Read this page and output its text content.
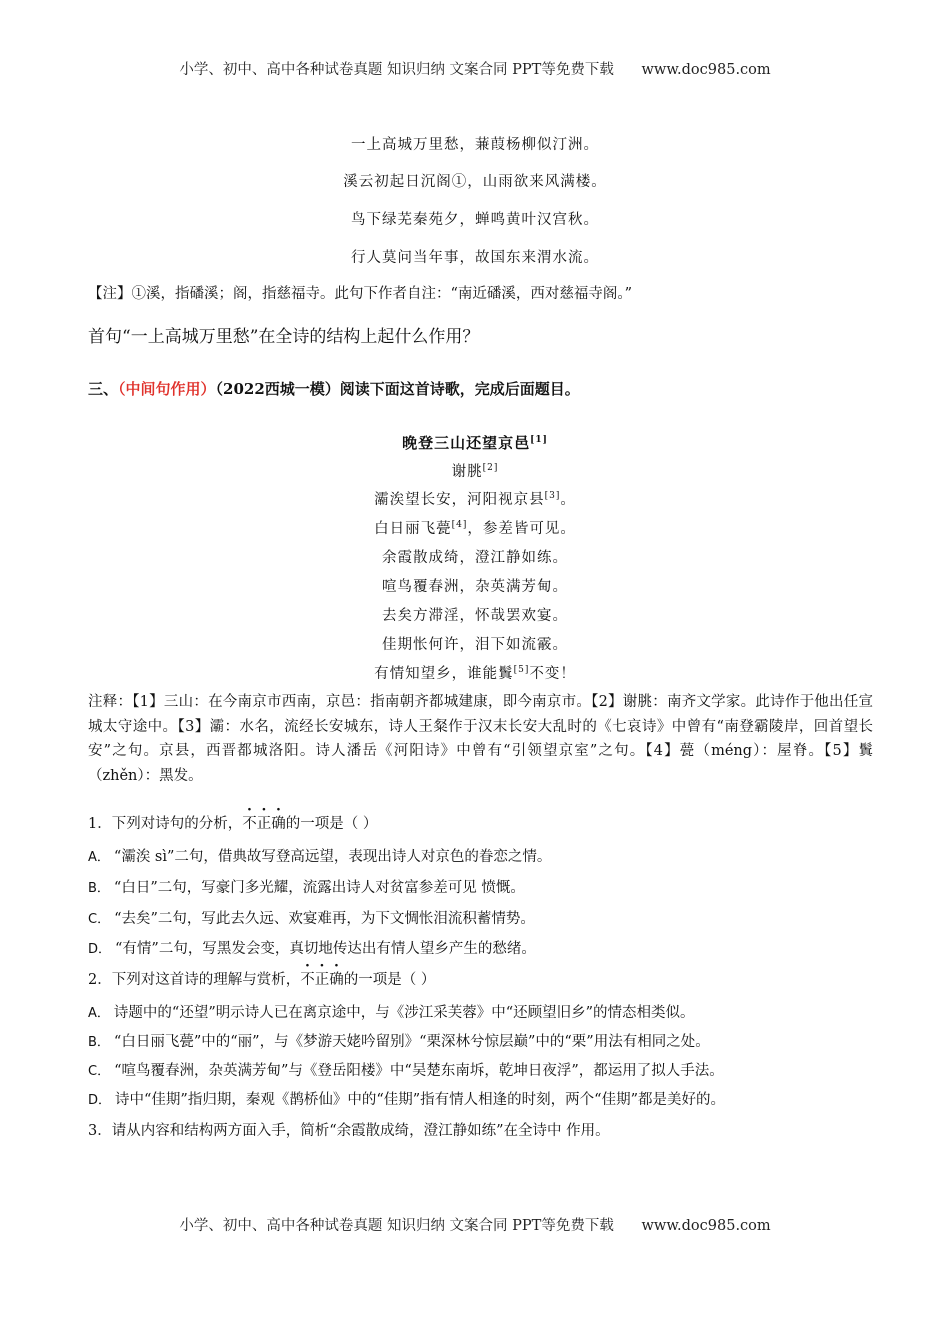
小学、初中、高中各种试卷真题 知识归纳 文案合同 PPT等免费下载      www.doc985.com
一上高城万里愁，蒹葭杨柳似汀洲。
溪云初起日沉阁①，山雨欲来风满楼。
鸟下绿芜秦苑夕，蝉鸣黄叶汉宫秋。
行人莫问当年事，故国东来渭水流。
【注】①溪，指磻溪；阁，指慈福寺。此句下作者自注：“南近磻溪，西对慈福寺阁。”
首句“一上高城万里愁”在全诗的结构上起什么作用？
三、（中间句作用）（2022西城一模）阅读下面这首诗歌，完成后面题目。
晚登三山还望京邑[1]
谢朓[2]
灞涘望长安，河阳视京县[3]。
白日丽飞甍[4]，参差皆可见。
余霞散成绮，澄江静如练。
喧鸟覆春洲，杂英满芳甸。
去矣方滞淫，怀哉罢欢宴。
佳期怅何许，泪下如流霰。
有情知望乡，谁能鬒[5]不变！
注释：【1】三山：在今南京市西南，京邑：指南朝齐都城建康，即今南京市。【2】谢朓：南齐文学家。此诗作于他出任宣城太守途中。【3】灞：水名，流经长安城东，诗人王粲作于汉末长安大乱时的《七哀诗》中曾有“南登霸陵岸，回首望长安”之句。京县，西晋都城洛阳。诗人潘岳《河阳诗》中曾有“引领望京室”之句。【4】甍（méng）：屋脊。【5】鬒（zhěn）：黑发。
1．下列对诗句的分析，不正确的一项是（ ）
A． “灞涘 sì”二句，借典故写登高远望，表现出诗人对京色的眷恋之情。
B． “白日”二句，写豪门多光耀，流露出诗人对贫富参差可见 愤慨。
C． “去矣”二句，写此去久远、欢宴难再，为下文惆怅泪流积蓄情势。
D． “有情”二句，写黑发会变，真切地传达出有情人望乡产生的愁绪。
2．下列对这首诗的理解与赏析，不正确的一项是（ ）
A． 诗题中的“还望”明示诗人已在离京途中，与《涉江采芙蓉》中“还顾望旧乡”的情态相类似。
B． “白日丽飞甍”中的“丽”，与《梦游天姥吟留别》“栗深林兮惊层巅”中的“栗”用法有相同之处。
C． “喧鸟覆春洲，杂英满芳甸”与《登岳阳楼》中“吴楚东南坼，乾坤日夜浮”，都运用了拟人手法。
D． 诗中“佳期”指归期，秦观《鹊桥仙》中的“佳期”指有情人相逢的时刻，两个“佳期”都是美好的。
3．请从内容和结构两方面入手，简析“余霞散成绮，澄江静如练”在全诗中 作用。
小学、初中、高中各种试卷真题 知识归纳 文案合同 PPT等免费下载      www.doc985.com
